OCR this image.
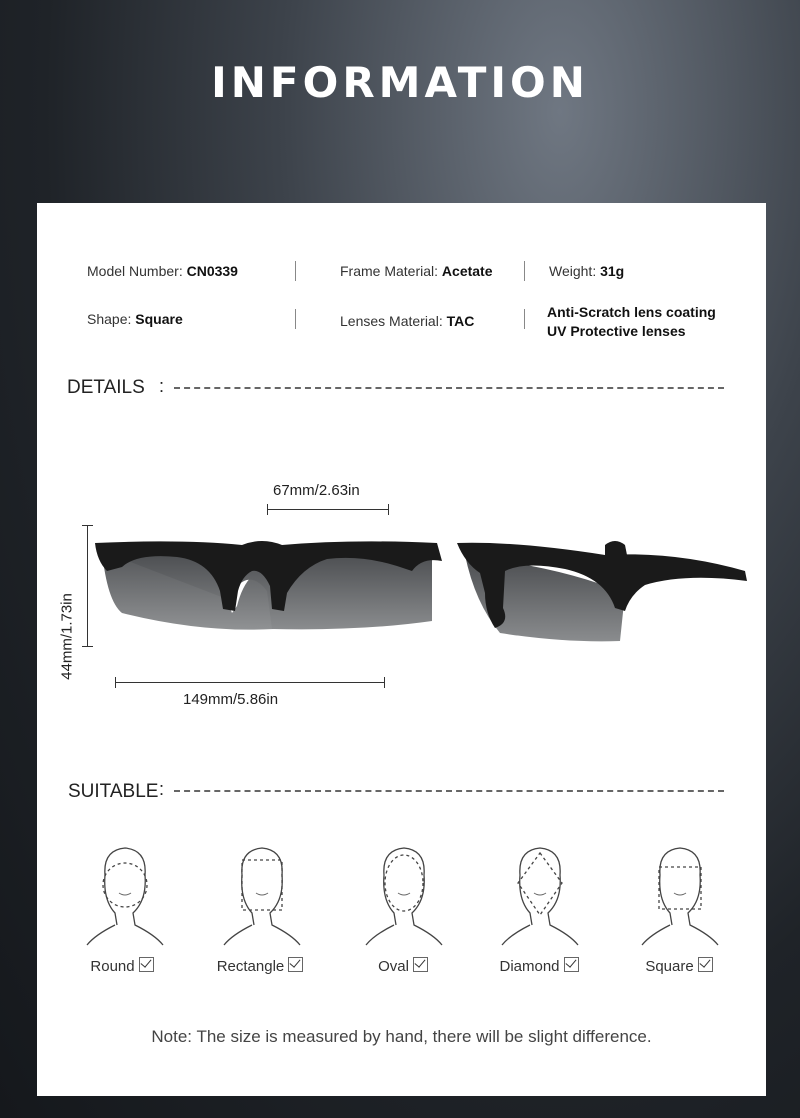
INFORMATION
Model Number: CN0339	Frame Material: Acetate	Weight: 31g
Shape: Square	Lenses Material: TAC
Anti-Scratch lens coating
UV Protective lenses
DETAILS :
67mm/2.63in
44mm/1.73in
149mm/5.86in
SUITABLE :
Round	Rectangle	Oval	Diamond	Square
Note: The size is measured by hand, there will be slight difference.
